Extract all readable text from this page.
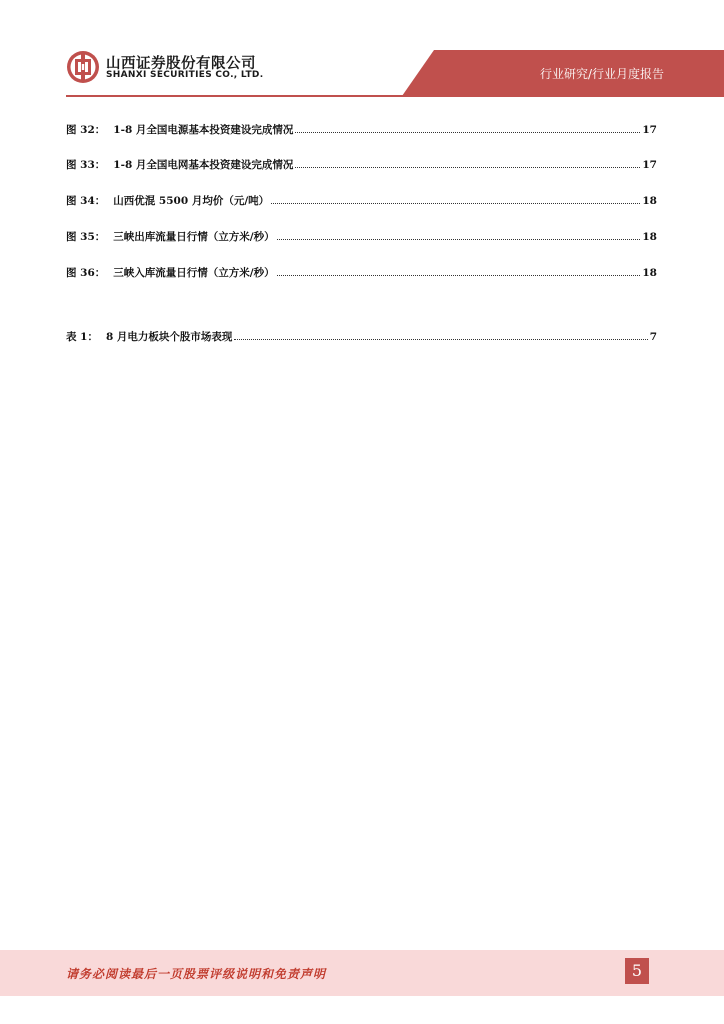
山西证券股份有限公司
SHANXI SECURITIES CO., LTD.	行业研究/行业月度报告
图 32： 1-8 月全国电源基本投资建设完成情况	17
图 33： 1-8 月全国电网基本投资建设完成情况	17
图 34： 山西优混 5500 月均价（元/吨）	18
图 35： 三峡出库流量日行情（立方米/秒）	18
图 36： 三峡入库流量日行情（立方米/秒）	18
表 1： 8 月电力板块个股市场表现	7
请务必阅读最后一页股票评级说明和免责声明	5
